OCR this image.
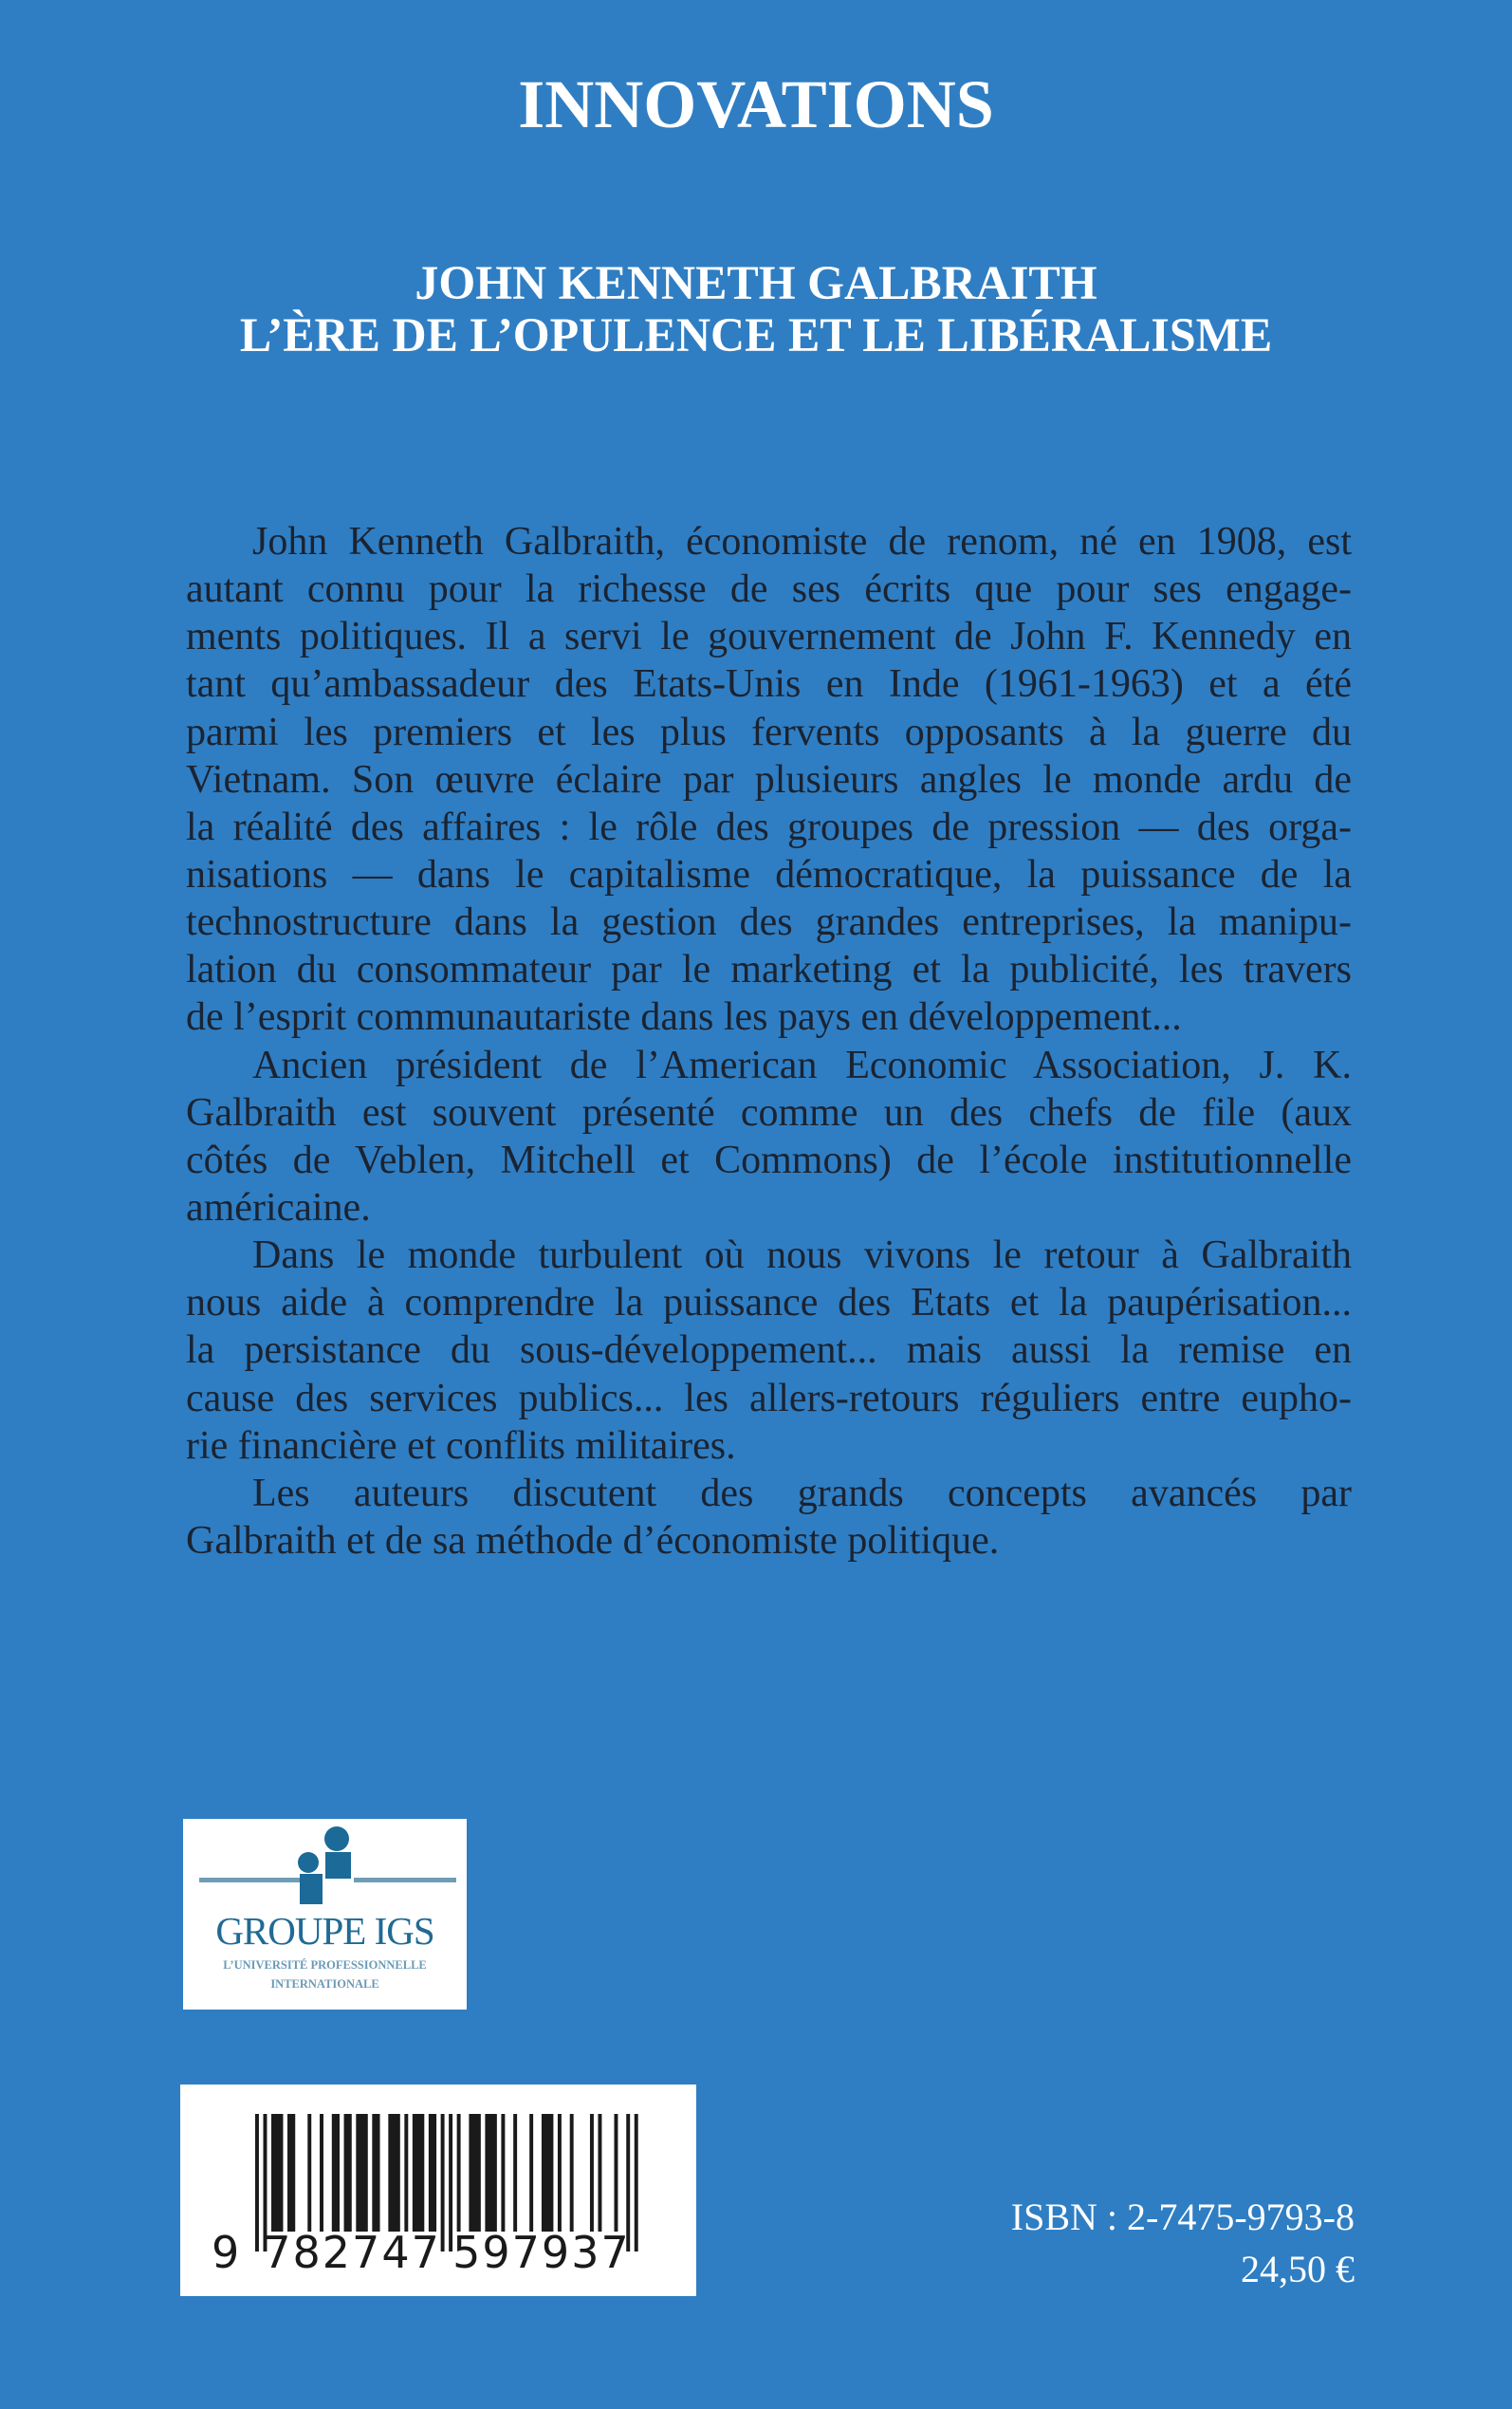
INNOVATIONS
JOHN KENNETH GALBRAITH
L’ÈRE DE L’OPULENCE ET LE LIBÉRALISME
John Kenneth Galbraith, économiste de renom, né en 1908, est
autant connu pour la richesse de ses écrits que pour ses engage-
ments politiques. Il a servi le gouvernement de John F. Kennedy en
tant qu’ambassadeur des Etats-Unis en Inde (1961-1963) et a été
parmi les premiers et les plus fervents opposants à la guerre du
Vietnam. Son œuvre éclaire par plusieurs angles le monde ardu de
la réalité des affaires : le rôle des groupes de pression — des orga-
nisations — dans le capitalisme démocratique, la puissance de la
technostructure dans la gestion des grandes entreprises, la manipu-
lation du consommateur par le marketing et la publicité, les travers
de l’esprit communautariste dans les pays en développement...
Ancien président de l’American Economic Association, J. K.
Galbraith est souvent présenté comme un des chefs de file (aux
côtés de Veblen, Mitchell et Commons) de l’école institutionnelle
américaine.
Dans le monde turbulent où nous vivons le retour à Galbraith
nous aide à comprendre la puissance des Etats et la paupérisation...
la persistance du sous-développement... mais aussi la remise en
cause des services publics... les allers-retours réguliers entre eupho-
rie financière et conflits militaires.
Les auteurs discutent des grands concepts avancés par
Galbraith et de sa méthode d’économiste politique.
GROUPE IGS
L’UNIVERSITÉ PROFESSIONNELLE
INTERNATIONALE
9 782747 597937
ISBN : 2-7475-9793-8
24,50 €
